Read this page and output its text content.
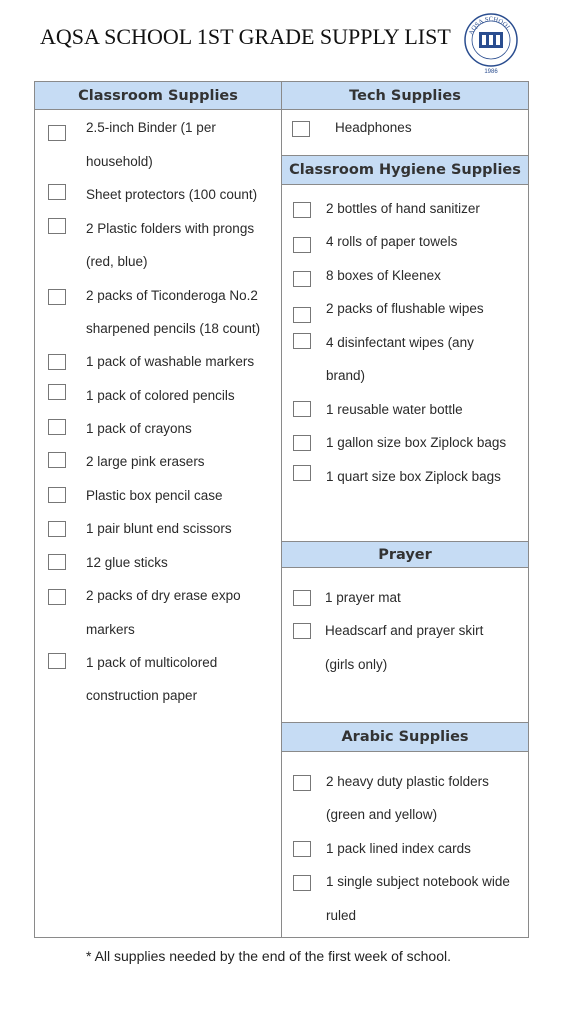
AQSA SCHOOL 1ST GRADE SUPPLY LIST	AQSA SCHOOL
1986
Classroom Supplies
2.5-inch Binder (1 per
household)
Sheet protectors (100 count)
2 Plastic folders with prongs
(red, blue)
2 packs of Ticonderoga No.2
sharpened pencils (18 count)
1 pack of washable markers
1 pack of colored pencils
1 pack of crayons
2 large pink erasers
Plastic box pencil case
1 pair blunt end scissors
12 glue sticks
2 packs of dry erase expo
markers
1 pack of multicolored
construction paper
Tech Supplies
Headphones
Classroom Hygiene Supplies
2 bottles of hand sanitizer
4 rolls of paper towels
8 boxes of Kleenex
2 packs of flushable wipes
4 disinfectant wipes (any
brand)
1 reusable water bottle
1 gallon size box Ziplock bags
1 quart size box Ziplock bags
Prayer
1 prayer mat
Headscarf and prayer skirt
(girls only)
Arabic Supplies
2 heavy duty plastic folders
(green and yellow)
1 pack lined index cards
1 single subject notebook wide
ruled
* All supplies needed by the end of the first week of school.
